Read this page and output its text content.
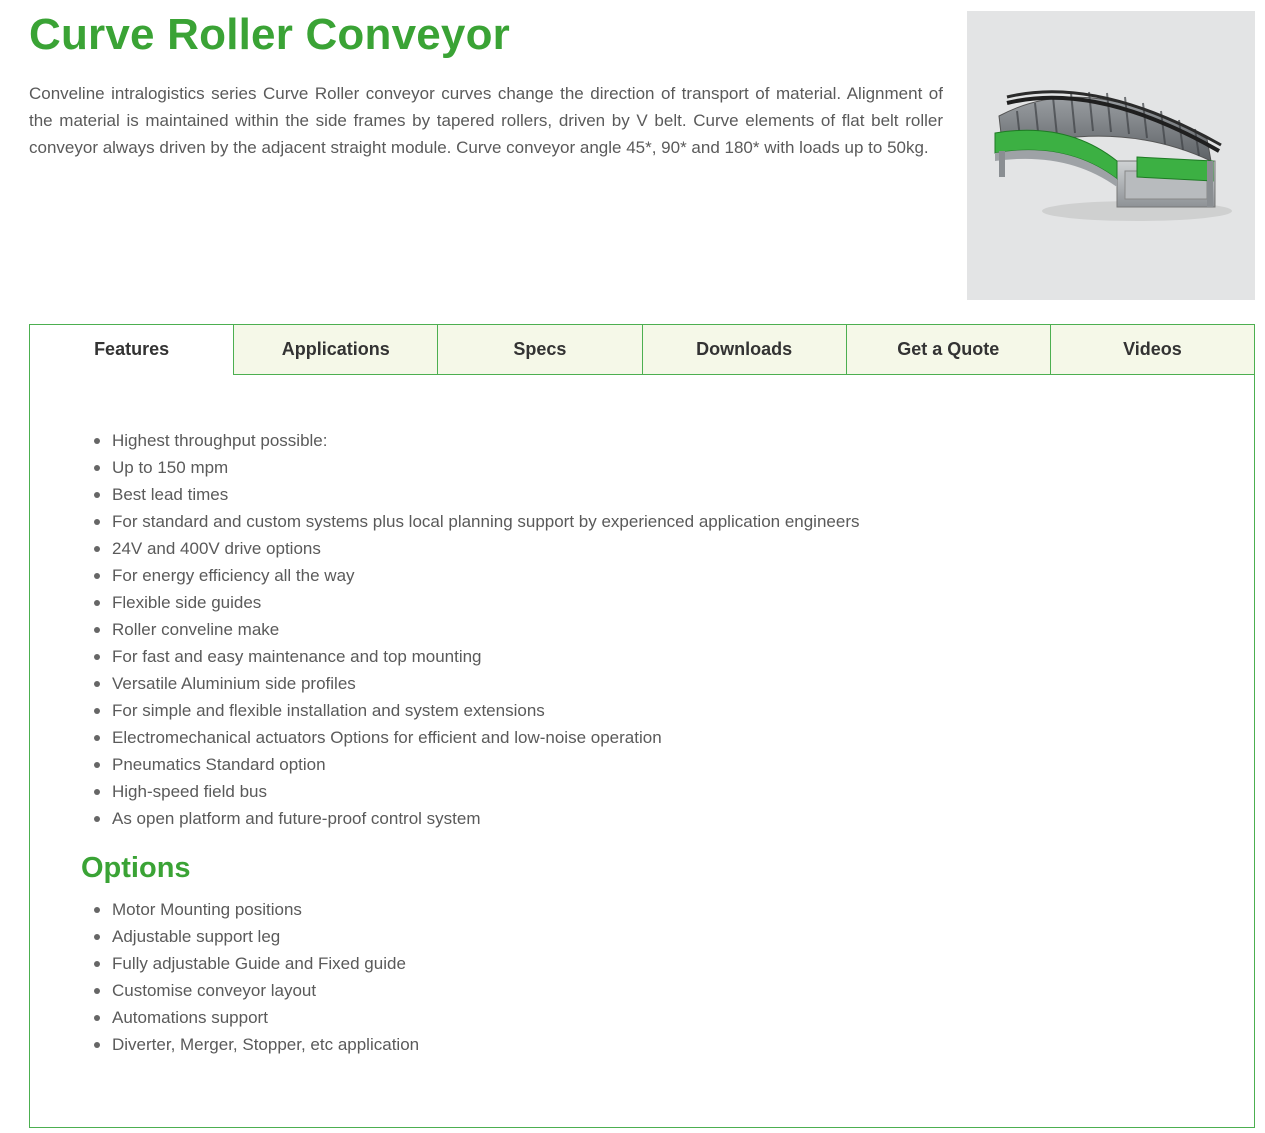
Curve Roller Conveyor

Conveline intralogistics series Curve Roller conveyor curves change the direction of transport of material. Alignment of the material is maintained within the side frames by tapered rollers, driven by V belt. Curve elements of flat belt roller conveyor always driven by the adjacent straight module. Curve conveyor angle 45*, 90* and 180* with loads up to 50kg.

Features	Applications	Specs	Downloads	Get a Quote	Videos
Highest throughput possible:
Up to 150 mpm
Best lead times
For standard and custom systems plus local planning support by experienced application engineers
24V and 400V drive options
For energy efficiency all the way
Flexible side guides
Roller conveline make
For fast and easy maintenance and top mounting
Versatile Aluminium side profiles
For simple and flexible installation and system extensions
Electromechanical actuators Options for efficient and low-noise operation
Pneumatics Standard option
High-speed field bus
As open platform and future-proof control system
Options
Motor Mounting positions
Adjustable support leg
Fully adjustable Guide and Fixed guide
Customise conveyor layout
Automations support
Diverter, Merger, Stopper, etc application
